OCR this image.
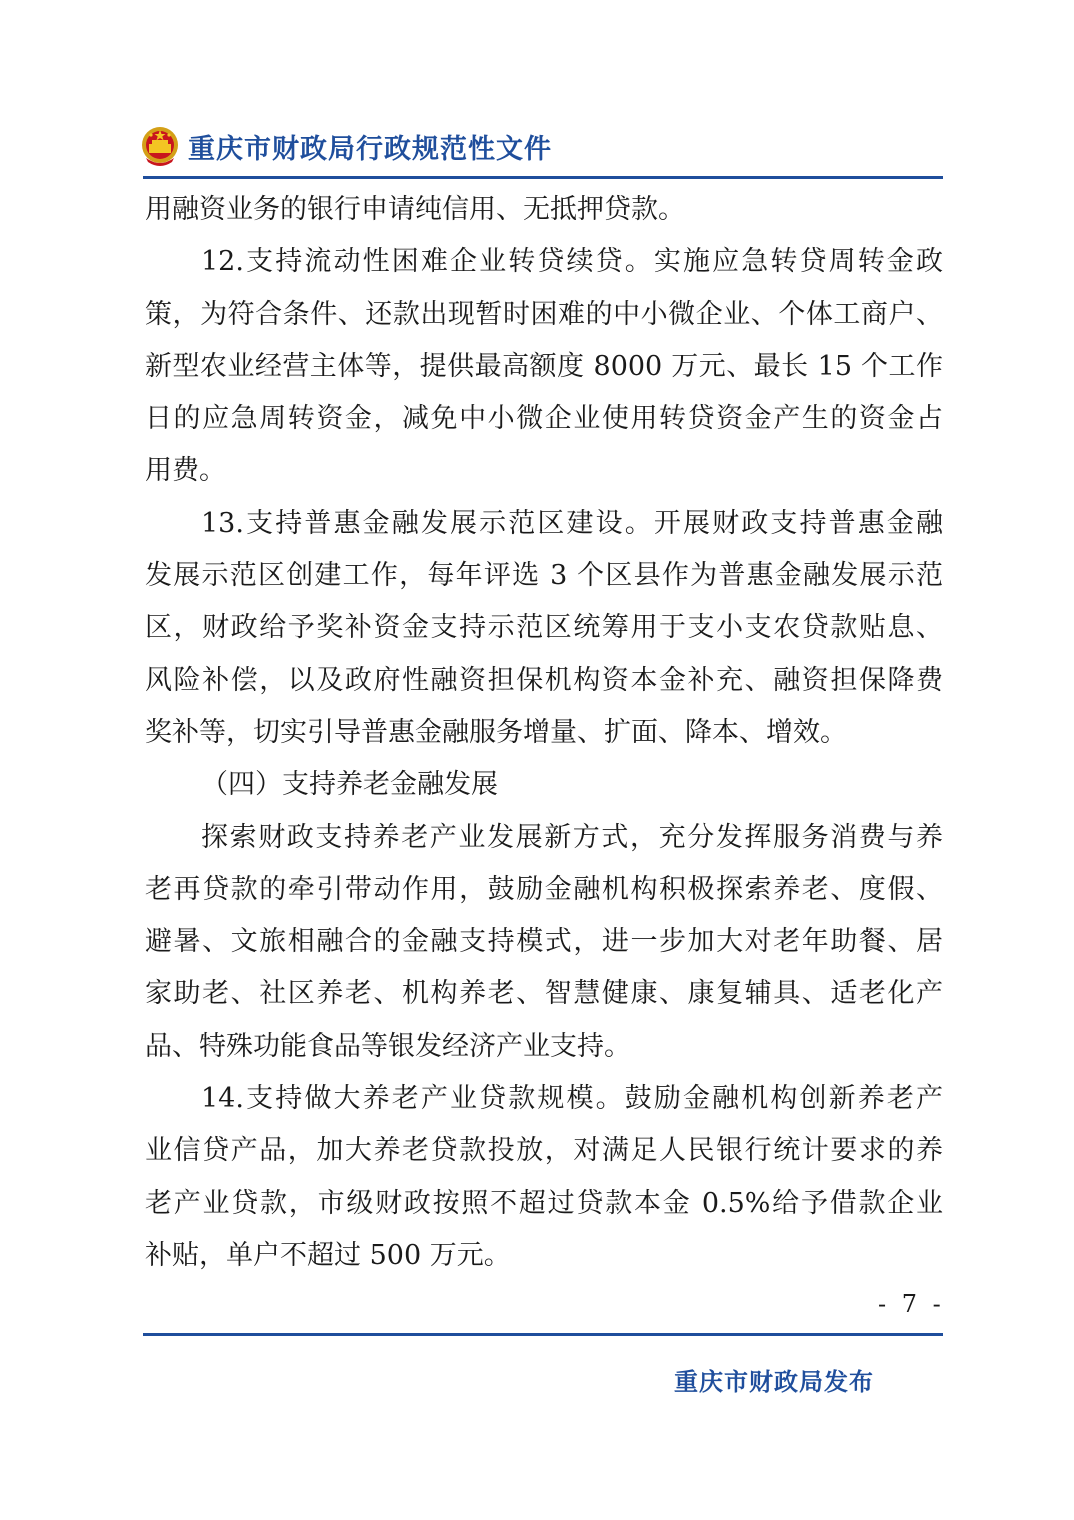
重庆市财政局行政规范性文件
用融资业务的银行申请纯信用、无抵押贷款。
12.支持流动性困难企业转贷续贷。实施应急转贷周转金政
策，为符合条件、还款出现暂时困难的中小微企业、个体工商户、
新型农业经营主体等，提供最高额度 8000 万元、最长 15 个工作
日的应急周转资金，减免中小微企业使用转贷资金产生的资金占
用费。
13.支持普惠金融发展示范区建设。开展财政支持普惠金融
发展示范区创建工作，每年评选 3 个区县作为普惠金融发展示范
区，财政给予奖补资金支持示范区统筹用于支小支农贷款贴息、
风险补偿，以及政府性融资担保机构资本金补充、融资担保降费
奖补等，切实引导普惠金融服务增量、扩面、降本、增效。
（四）支持养老金融发展
探索财政支持养老产业发展新方式，充分发挥服务消费与养
老再贷款的牵引带动作用，鼓励金融机构积极探索养老、度假、
避暑、文旅相融合的金融支持模式，进一步加大对老年助餐、居
家助老、社区养老、机构养老、智慧健康、康复辅具、适老化产
品、特殊功能食品等银发经济产业支持。
14.支持做大养老产业贷款规模。鼓励金融机构创新养老产
业信贷产品，加大养老贷款投放，对满足人民银行统计要求的养
老产业贷款，市级财政按照不超过贷款本金 0.5%给予借款企业
补贴，单户不超过 500 万元。
- 7 -
重庆市财政局发布
